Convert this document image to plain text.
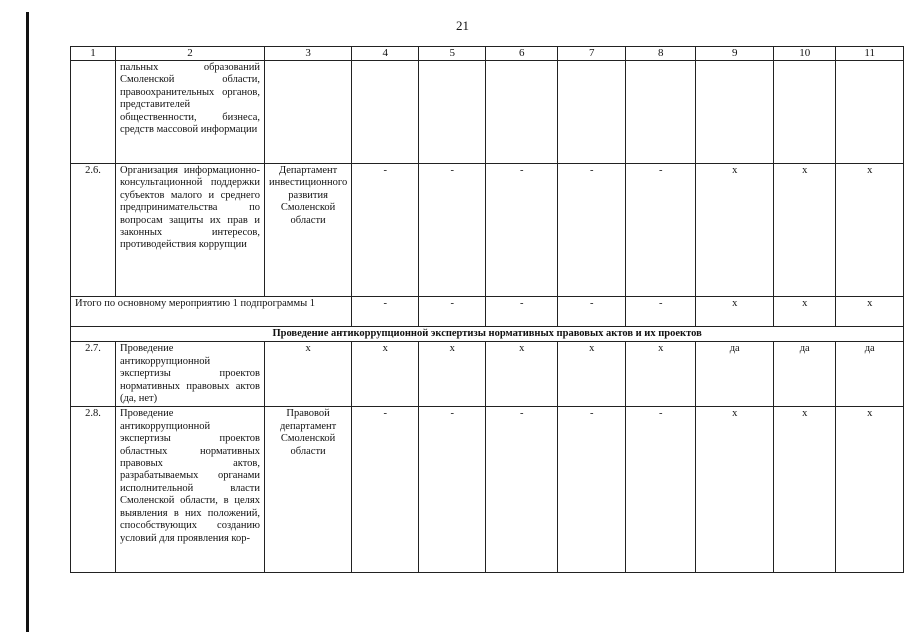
21
1	2	3	4	5	6	7	8	9	10	11
	пальных образований Смоленской области, правоохранительных органов, представителей общественности, бизнеса, средств массовой информации									
2.6.	Организация информационно-консультационной поддержки субъектов малого и среднего предпринимательства по вопросам защиты их прав и законных интересов, противодействия коррупции	Департамент инвестиционного развития Смоленской области	-	-	-	-	-	х	х	х
Итого по основному мероприятию 1 подпрограммы 1			-	-	-	-	-	х	х	х
Проведение антикоррупционной экспертизы нормативных правовых актов и их проектов										
2.7.	Проведение антикоррупционной экспертизы проектов нормативных правовых актов (да, нет)	х	х	х	х	х	х	да	да	да
2.8.	Проведение антикоррупционной экспертизы проектов областных нормативных правовых актов, разрабатываемых органами исполнительной власти Смоленской области, в целях выявления в них положений, способствующих созданию условий для проявления кор-	Правовой департамент Смоленской области	-	-	-	-	-	х	х	х
